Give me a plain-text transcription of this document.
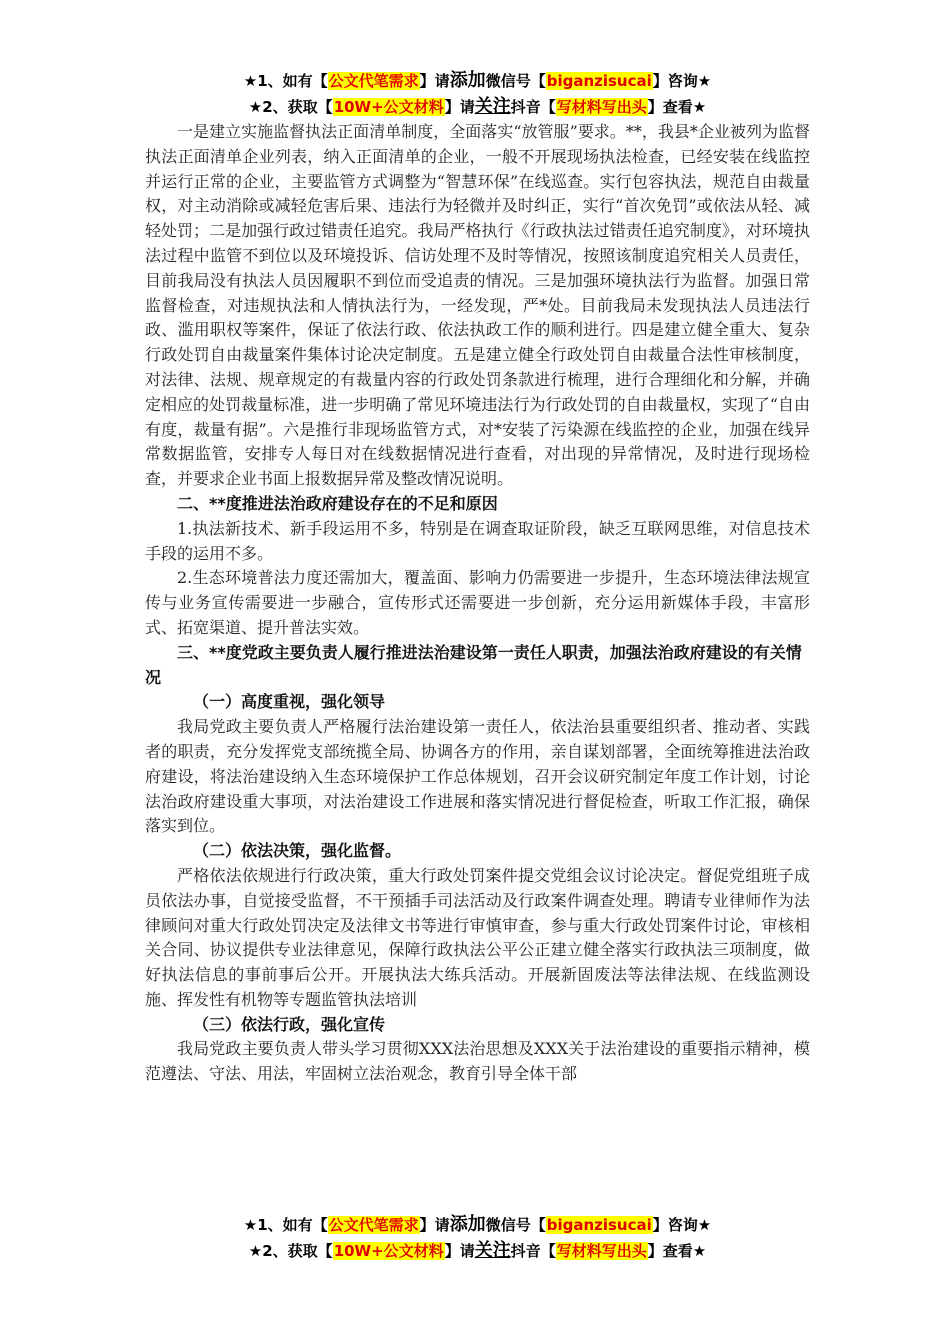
★1、如有【公文代笔需求】请添加微信号【biganzisucai】咨询★
★2、获取【10W+公文材料】请关注抖音【写材料写出头】查看★

一是建立实施监督执法正面清单制度，全面落实“放管服”要求。**，我县*企业被列为监督执法正面清单企业列表，纳入正面清单的企业，一般不开展现场执法检查，已经安装在线监控并运行正常的企业，主要监管方式调整为“智慧环保”在线巡查。实行包容执法，规范自由裁量权，对主动消除或减轻危害后果、违法行为轻微并及时纠正，实行“首次免罚”或依法从轻、减轻处罚；二是加强行政过错责任追究。我局严格执行《行政执法过错责任追究制度》，对环境执法过程中监管不到位以及环境投诉、信访处理不及时等情况，按照该制度追究相关人员责任，目前我局没有执法人员因履职不到位而受追责的情况。三是加强环境执法行为监督。加强日常监督检查，对违规执法和人情执法行为，一经发现，严*处。目前我局未发现执法人员违法行政、滥用职权等案件，保证了依法行政、依法执政工作的顺利进行。四是建立健全重大、复杂行政处罚自由裁量案件集体讨论决定制度。五是建立健全行政处罚自由裁量合法性审核制度，对法律、法规、规章规定的有裁量内容的行政处罚条款进行梳理，进行合理细化和分解，并确定相应的处罚裁量标准，进一步明确了常见环境违法行为行政处罚的自由裁量权，实现了“自由有度，裁量有据”。六是推行非现场监管方式，对*安装了污染源在线监控的企业，加强在线异常数据监管，安排专人每日对在线数据情况进行查看，对出现的异常情况，及时进行现场检查，并要求企业书面上报数据异常及整改情况说明。

二、**度推进法治政府建设存在的不足和原因

1.执法新技术、新手段运用不多，特别是在调查取证阶段，缺乏互联网思维，对信息技术手段的运用不多。

2.生态环境普法力度还需加大，覆盖面、影响力仍需要进一步提升，生态环境法律法规宣传与业务宣传需要进一步融合，宣传形式还需要进一步创新，充分运用新媒体手段，丰富形式、拓宽渠道、提升普法实效。

三、**度党政主要负责人履行推进法治建设第一责任人职责，加强法治政府建设的有关情况
（一）高度重视，强化领导

我局党政主要负责人严格履行法治建设第一责任人，依法治县重要组织者、推动者、实践者的职责，充分发挥党支部统揽全局、协调各方的作用，亲自谋划部署，全面统筹推进法治政府建设，将法治建设纳入生态环境保护工作总体规划，召开会议研究制定年度工作计划，讨论法治政府建设重大事项，对法治建设工作进展和落实情况进行督促检查，听取工作汇报，确保落实到位。

（二）依法决策，强化监督。

严格依法依规进行行政决策，重大行政处罚案件提交党组会议讨论决定。督促党组班子成员依法办事，自觉接受监督，不干预插手司法活动及行政案件调查处理。聘请专业律师作为法律顾问对重大行政处罚决定及法律文书等进行审慎审查，参与重大行政处罚案件讨论，审核相关合同、协议提供专业法律意见，保障行政执法公平公正建立健全落实行政执法三项制度，做好执法信息的事前事后公开。开展执法大练兵活动。开展新固废法等法律法规、在线监测设施、挥发性有机物等专题监管执法培训

（三）依法行政，强化宣传

我局党政主要负责人带头学习贯彻XXX法治思想及XXX关于法治建设的重要指示精神，模范遵法、守法、用法，牢固树立法治观念，教育引导全体干部

★1、如有【公文代笔需求】请添加微信号【biganzisucai】咨询★
★2、获取【10W+公文材料】请关注抖音【写材料写出头】查看★
